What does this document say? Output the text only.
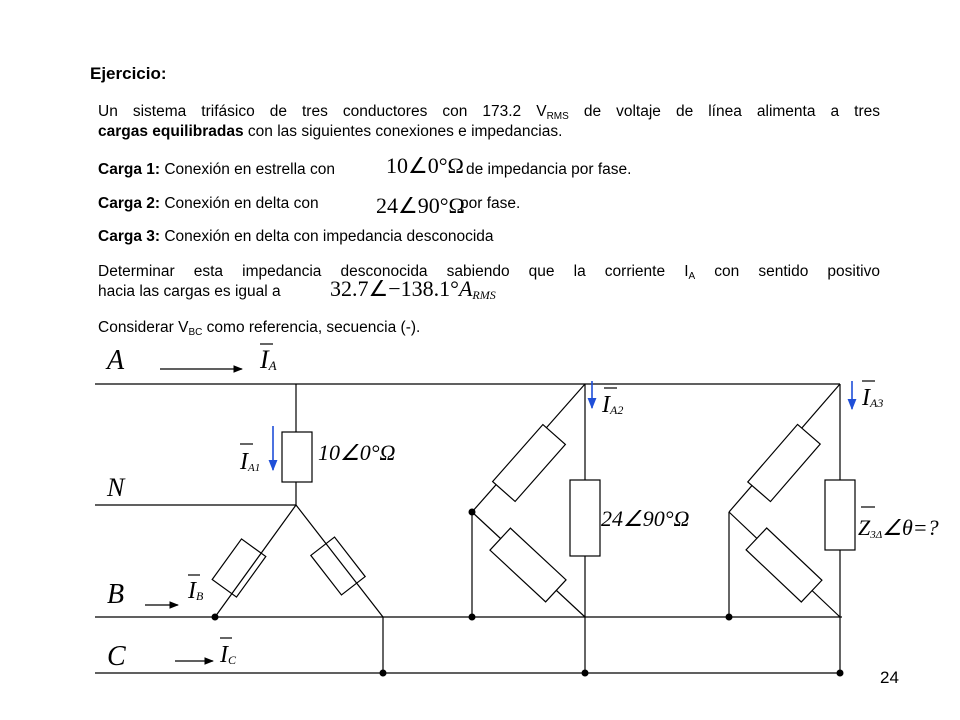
Ejercicio:
Un sistema trifásico de tres conductores con 173.2 $V_{RMS}$ de voltaje de línea alimenta a tres
cargas equilibradas con las siguientes conexiones e impedancias.
Carga 1: Conexión en estrella con 10∠0°Ω de impedancia por fase.
Carga 2: Conexión en delta con	24∠90°Ω
por fase.
Carga 3: Conexión en delta con impedancia desconocida
Determinar esta impedancia desconocida sabiendo que la corriente $I_A$ con sentido positivo
hacia las cargas es igual a	$32.7\angle-138.1^\circ A_{RMS}$
Considerar $V_{BC}$ como referencia, secuencia (-).
A
N
B
C
IA
IB
IC
IA1
IA2	IA3
10∠0°Ω
24∠90°Ω	Z3Δ∠θ=?
24
